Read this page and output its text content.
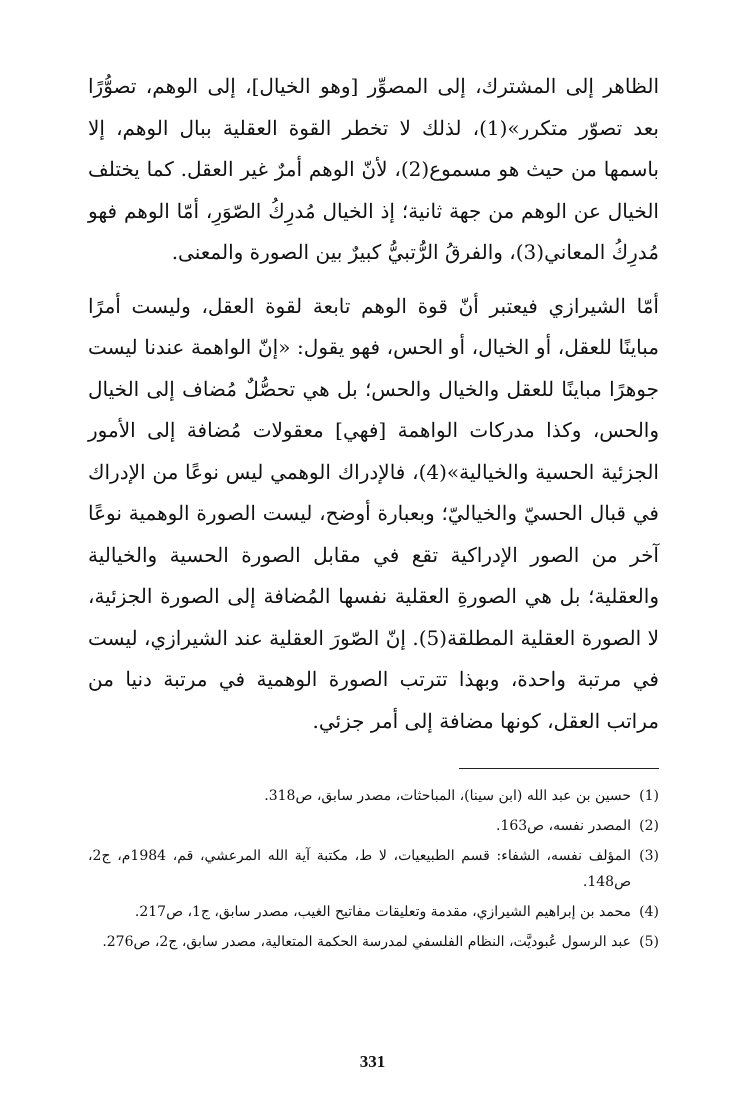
الظاهر إلى المشترك، إلى المصوِّر [وهو الخيال]، إلى الوهم، تصوُّرًا بعد تصوّر متكرر»(1)، لذلك لا تخطر القوة العقلية ببال الوهم، إلا باسمها من حيث هو مسموع(2)، لأنّ الوهم أمرٌ غير العقل. كما يختلف الخيال عن الوهم من جهة ثانية؛ إذ الخيال مُدرِكُ الصّوَرِ، أمّا الوهم فهو مُدرِكُ المعاني(3)، والفرقُ الرُّتبيُّ كبيرٌ بين الصورة والمعنى.

أمّا الشيرازي فيعتبر أنّ قوة الوهم تابعة لقوة العقل، وليست أمرًا مباينًا للعقل، أو الخيال، أو الحس، فهو يقول: «إنّ الواهمة عندنا ليست جوهرًا مباينًا للعقل والخيال والحس؛ بل هي تحصُّلٌ مُضاف إلى الخيال والحس، وكذا مدركات الواهمة [فهي] معقولات مُضافة إلى الأمور الجزئية الحسية والخيالية»(4)، فالإدراك الوهمي ليس نوعًا من الإدراك في قبال الحسيّ والخياليّ؛ وبعبارة أوضح، ليست الصورة الوهمية نوعًا آخر من الصور الإدراكية تقع في مقابل الصورة الحسية والخيالية والعقلية؛ بل هي الصورةِ العقلية نفسها المُضافة إلى الصورة الجزئية، لا الصورة العقلية المطلقة(5). إنّ الصّورَ العقلية عند الشيرازي، ليست في مرتبة واحدة، وبهذا تترتب الصورة الوهمية في مرتبة دنيا من مراتب العقل، كونها مضافة إلى أمر جزئي.

(1)
حسين بن عبد الله (ابن سينا)، المباحثات، مصدر سابق، ص318.
(2)
المصدر نفسه، ص163.
(3)
المؤلف نفسه، الشفاء: قسم الطبيعيات، لا ط، مكتبة آية الله المرعشي، قم، 1984م، ج2، ص148.
(4)
محمد بن إبراهيم الشيرازي، مقدمة وتعليقات مفاتيح الغيب، مصدر سابق، ج1، ص217.
(5)
عبد الرسول عُبوديَّت، النظام الفلسفي لمدرسة الحكمة المتعالية، مصدر سابق، ج2، ص276.
331
